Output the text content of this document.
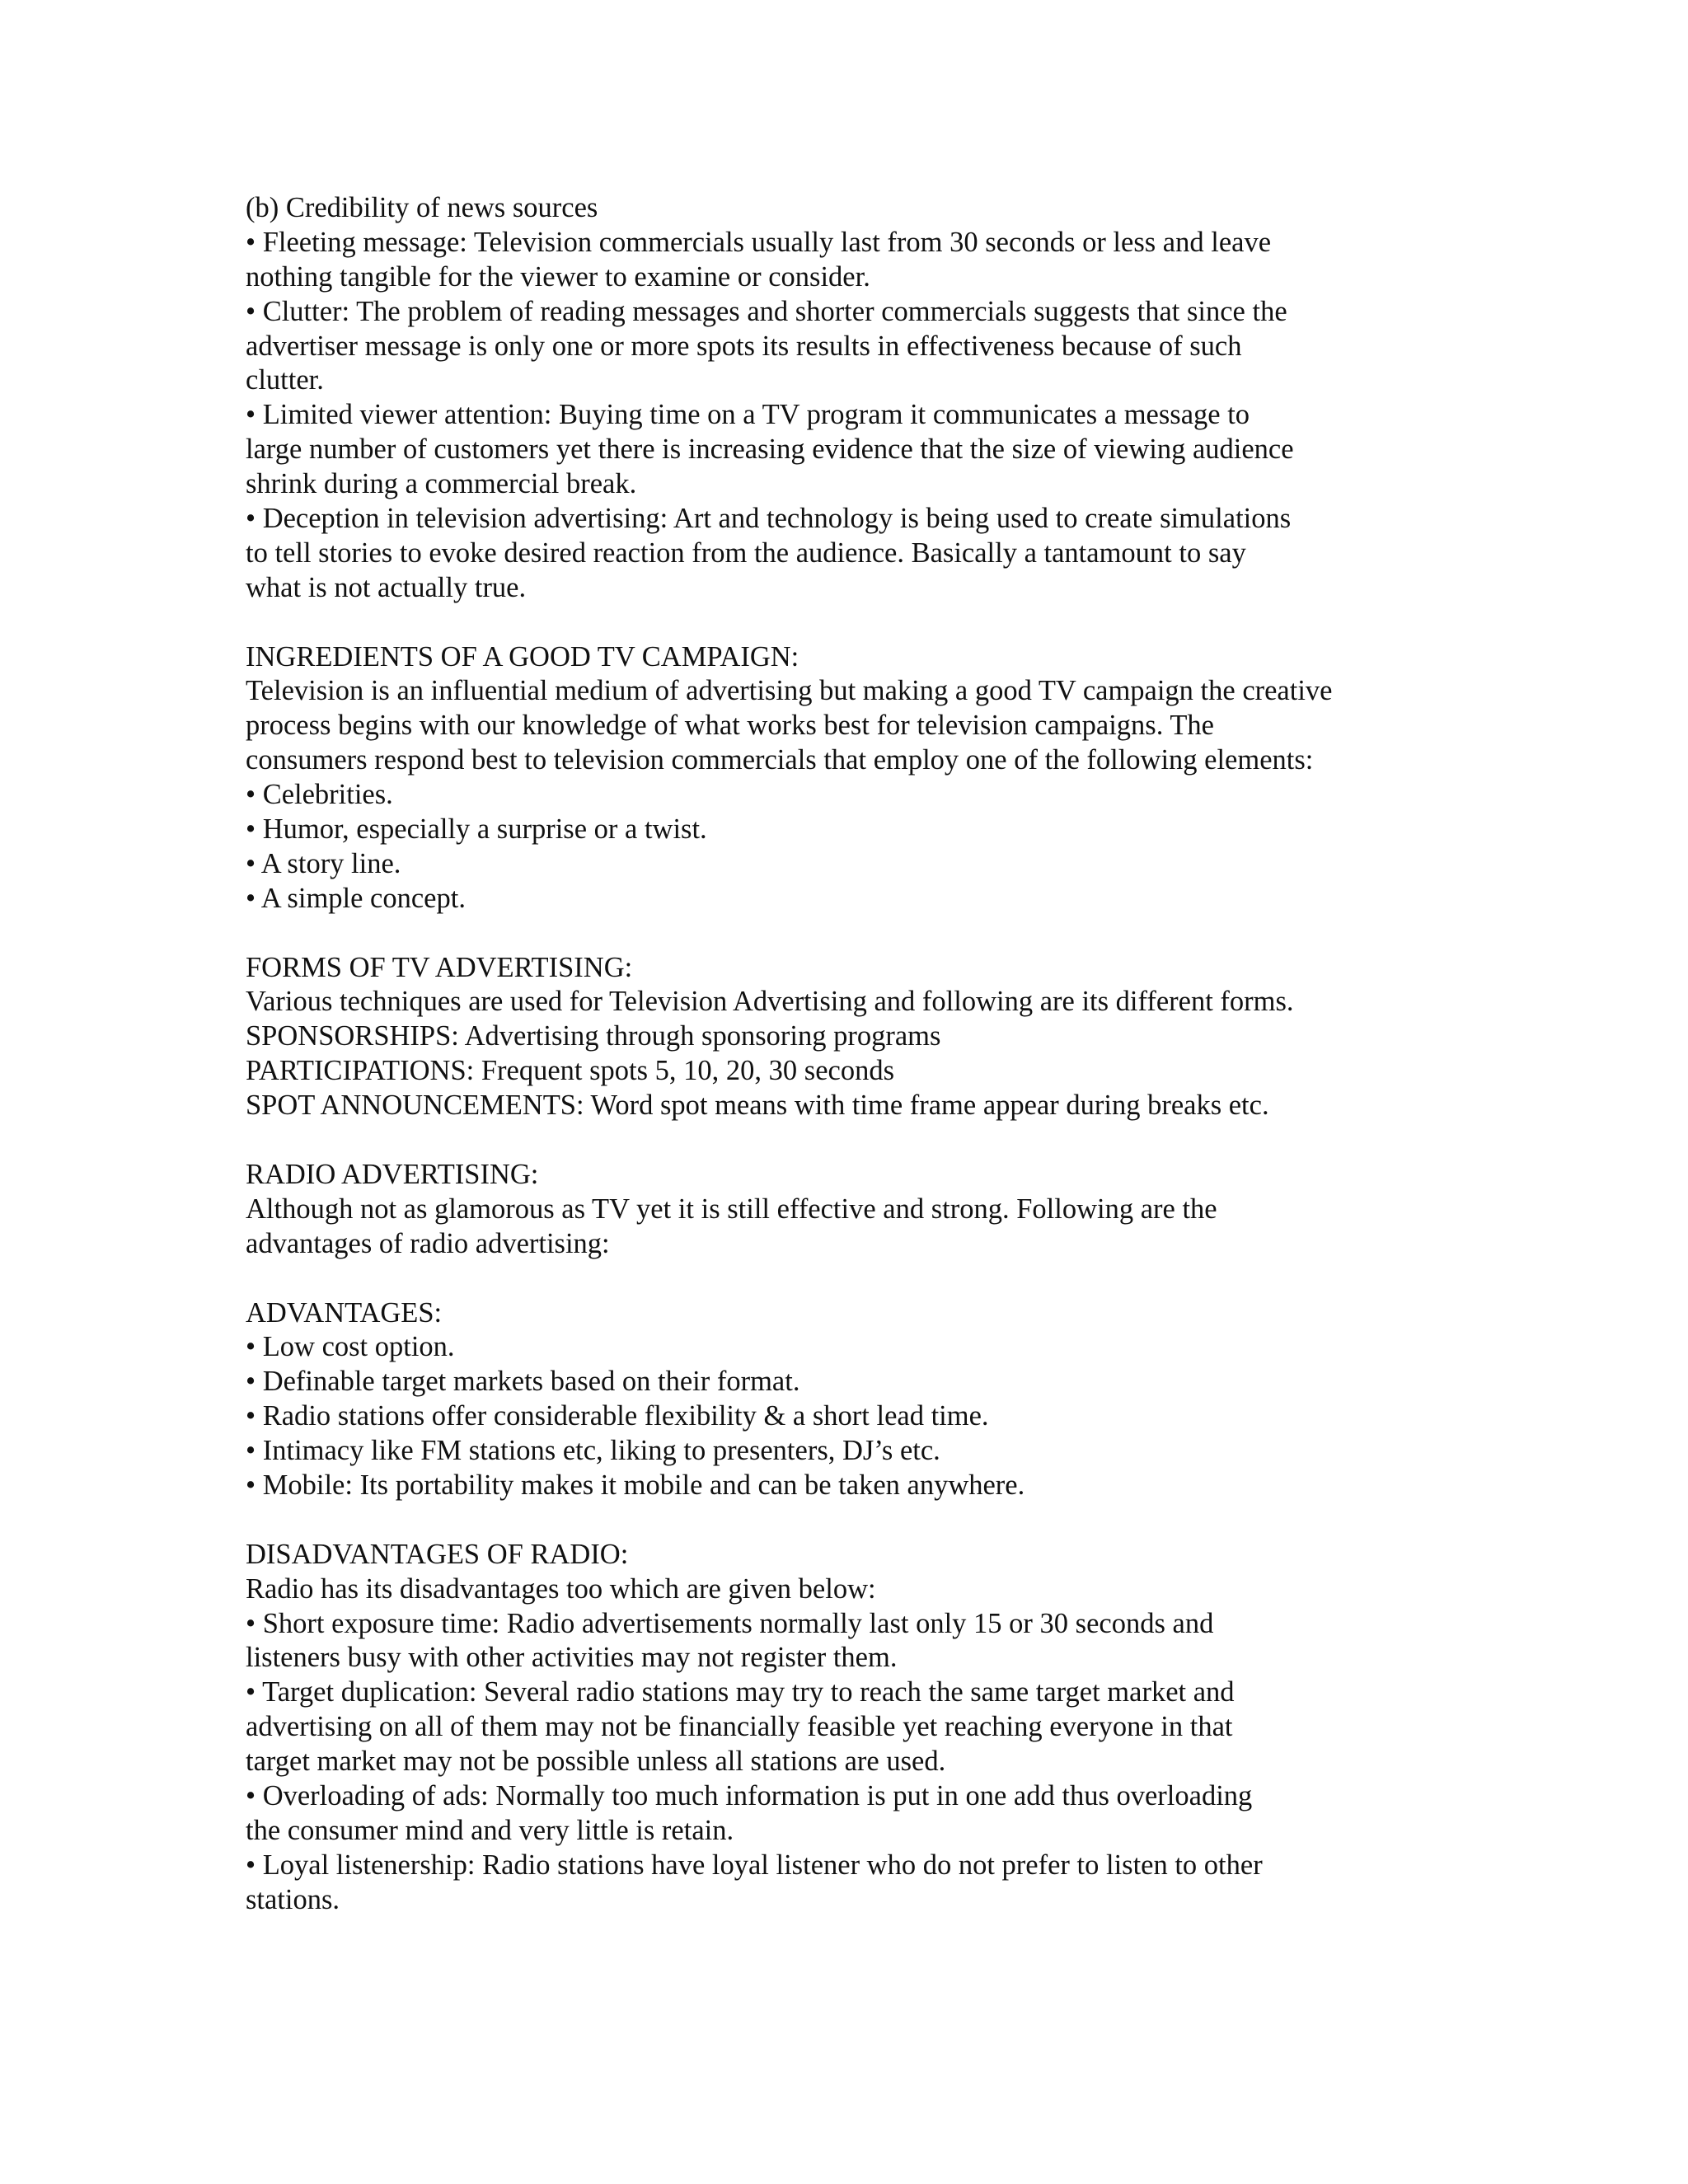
(b) Credibility of news sources
• Fleeting message: Television commercials usually last from 30 seconds or less and leave
nothing tangible for the viewer to examine or consider.
• Clutter: The problem of reading messages and shorter commercials suggests that since the
advertiser message is only one or more spots its results in effectiveness because of such
clutter.
• Limited viewer attention: Buying time on a TV program it communicates a message to
large number of customers yet there is increasing evidence that the size of viewing audience
shrink during a commercial break.
• Deception in television advertising: Art and technology is being used to create simulations
to tell stories to evoke desired reaction from the audience. Basically a tantamount to say
what is not actually true.
INGREDIENTS OF A GOOD TV CAMPAIGN:
Television is an influential medium of advertising but making a good TV campaign the creative
process begins with our knowledge of what works best for television campaigns. The
consumers respond best to television commercials that employ one of the following elements:
• Celebrities.
• Humor, especially a surprise or a twist.
• A story line.
• A simple concept.
FORMS OF TV ADVERTISING:
Various techniques are used for Television Advertising and following are its different forms.
SPONSORSHIPS: Advertising through sponsoring programs
PARTICIPATIONS: Frequent spots 5, 10, 20, 30 seconds
SPOT ANNOUNCEMENTS: Word spot means with time frame appear during breaks etc.
RADIO ADVERTISING:
Although not as glamorous as TV yet it is still effective and strong. Following are the
advantages of radio advertising:
ADVANTAGES:
• Low cost option.
• Definable target markets based on their format.
• Radio stations offer considerable flexibility & a short lead time.
• Intimacy like FM stations etc, liking to presenters, DJ’s etc.
• Mobile: Its portability makes it mobile and can be taken anywhere.
DISADVANTAGES OF RADIO:
Radio has its disadvantages too which are given below:
• Short exposure time: Radio advertisements normally last only 15 or 30 seconds and
listeners busy with other activities may not register them.
• Target duplication: Several radio stations may try to reach the same target market and
advertising on all of them may not be financially feasible yet reaching everyone in that
target market may not be possible unless all stations are used.
• Overloading of ads: Normally too much information is put in one add thus overloading
the consumer mind and very little is retain.
• Loyal listenership: Radio stations have loyal listener who do not prefer to listen to other
stations.
